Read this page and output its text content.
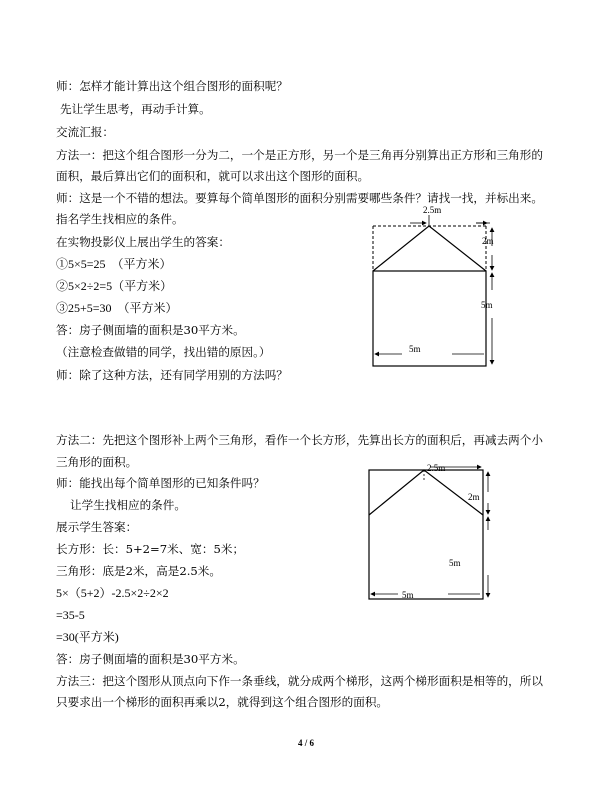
师：怎样才能计算出这个组合图形的面积呢？
先让学生思考，再动手计算。
交流汇报：
方法一：把这个组合图形一分为二，一个是正方形，另一个是三角再分别算出正方形和三角形的
面积，最后算出它们的面积和，就可以求出这个图形的面积。
师：这是一个不错的想法。要算每个简单图形的面积分别需要哪些条件？请找一找，并标出来。
指名学生找相应的条件。
在实物投影仪上展出学生的答案：
①5×5=25　（平方米）
②5×2÷2=5（平方米）
③25+5=30　（平方米）
答：房子侧面墙的面积是30平方米。
（注意检查做错的同学，找出错的原因。）
师：除了这种方法，还有同学用别的方法吗？
方法二：先把这个图形补上两个三角形，看作一个长方形，先算出长方的面积后，再减去两个小
三角形的面积。
师：能找出每个简单图形的已知条件吗？
让学生找相应的条件。
展示学生答案：
长方形：长：5+2=7米、宽：5米；
三角形：底是2米，高是2.5米。
5×（5+2）-2.5×2÷2×2
=35-5
=30(平方米)
答：房子侧面墙的面积是30平方米。
方法三：把这个图形从顶点向下作一条垂线，就分成两个梯形，这两个梯形面积是相等的，所以
只要求出一个梯形的面积再乘以2，就得到这个组合图形的面积。
2.5m
2m
5m
5m
2.5m
2m
5m
5m
4 / 6
